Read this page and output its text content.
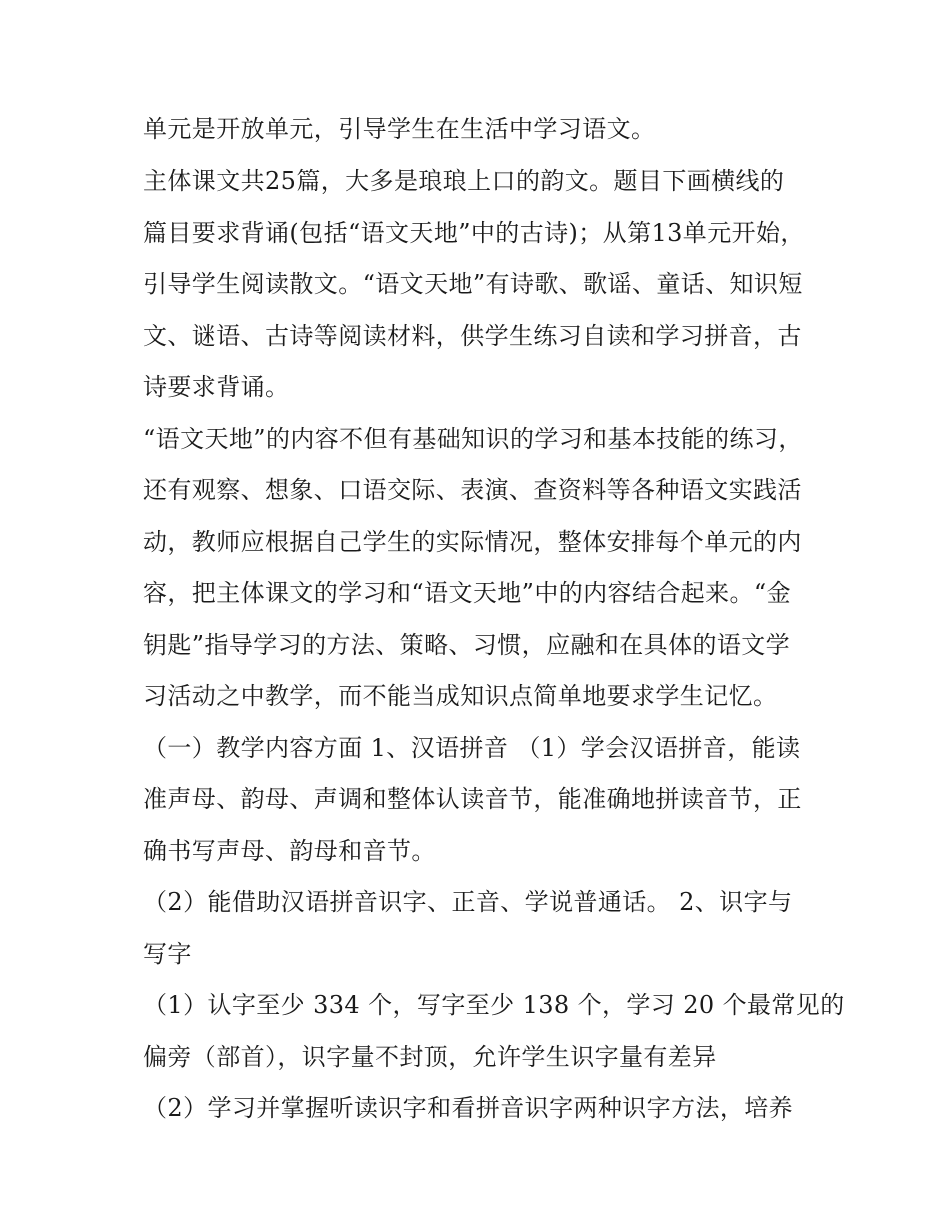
单元是开放单元，引导学生在生活中学习语文。
主体课文共25篇，大多是琅琅上口的韵文。题目下画横线的
篇目要求背诵(包括“语文天地”中的古诗)；从第13单元开始，
引导学生阅读散文。“语文天地”有诗歌、歌谣、童话、知识短
文、谜语、古诗等阅读材料，供学生练习自读和学习拼音，古
诗要求背诵。
“语文天地”的内容不但有基础知识的学习和基本技能的练习，
还有观察、想象、口语交际、表演、查资料等各种语文实践活
动，教师应根据自己学生的实际情况，整体安排每个单元的内
容，把主体课文的学习和“语文天地”中的内容结合起来。“金
钥匙”指导学习的方法、策略、习惯，应融和在具体的语文学
习活动之中教学，而不能当成知识点简单地要求学生记忆。
（一）教学内容方面 1、汉语拼音 （1）学会汉语拼音，能读
准声母、韵母、声调和整体认读音节，能准确地拼读音节，正
确书写声母、韵母和音节。
（2）能借助汉语拼音识字、正音、学说普通话。 2、识字与
写字
（1）认字至少 334 个，写字至少 138 个，学习 20 个最常见的
偏旁（部首），识字量不封顶，允许学生识字量有差异
（2）学习并掌握听读识字和看拼音识字两种识字方法，培养
